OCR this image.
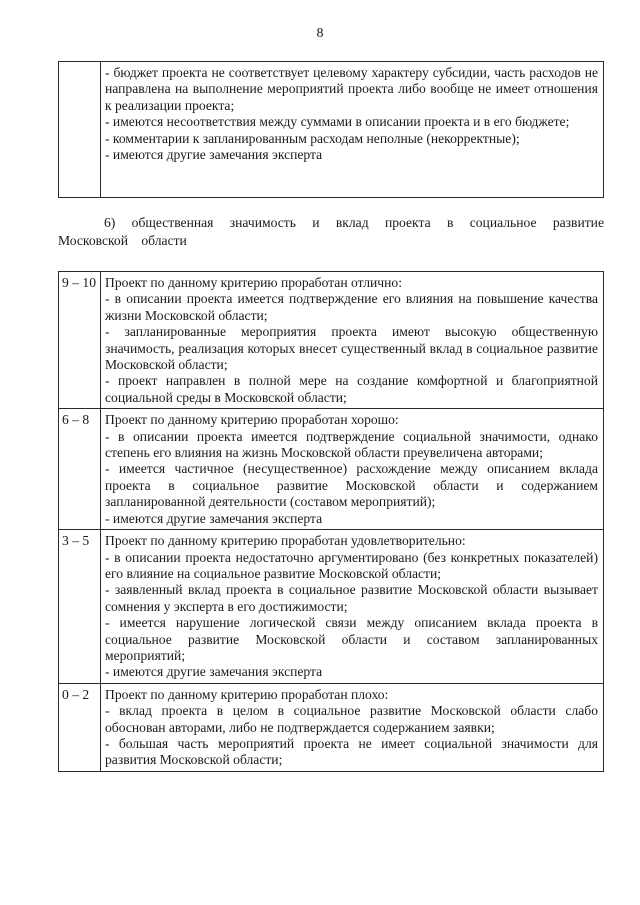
8

- бюджет проекта не соответствует целевому характеру субсидии, часть расходов не направлена на выполнение мероприятий проекта либо вообще не имеет отношения к реализации проекта;
- имеются несоответствия между суммами в описании проекта и в его бюджете;
- комментарии к запланированным расходам неполные (некорректные);
- имеются другие замечания эксперта
6) общественная значимость и вклад проекта в социальное развитие Московской области
9 – 10	Проект по данному критерию проработан отлично:
- в описании проекта имеется подтверждение его влияния на повышение качества жизни Московской области;
- запланированные мероприятия проекта имеют высокую общественную значимость, реализация которых внесет существенный вклад в социальное развитие Московской области;
- проект направлен в полной мере на создание комфортной и благоприятной социальной среды в Московской области;

6 – 8	Проект по данному критерию проработан хорошо:
- в описании проекта имеется подтверждение социальной значимости, однако степень его влияния на жизнь Московской области преувеличена авторами;
- имеется частичное (несущественное) расхождение между описанием вклада проекта в социальное развитие Московской области и содержанием запланированной деятельности (составом мероприятий);
- имеются другие замечания эксперта

3 – 5	Проект по данному критерию проработан удовлетворительно:
- в описании проекта недостаточно аргументировано (без конкретных показателей) его влияние на социальное развитие Московской области;
- заявленный вклад проекта в социальное развитие Московской области вызывает сомнения у эксперта в его достижимости;
- имеется нарушение логической связи между описанием вклада проекта в социальное развитие Московской области и составом запланированных мероприятий;
- имеются другие замечания эксперта

0 – 2	Проект по данному критерию проработан плохо:
- вклад проекта в целом в социальное развитие Московской области слабо обоснован авторами, либо не подтверждается содержанием заявки;
- большая часть мероприятий проекта не имеет социальной значимости для развития Московской области;
